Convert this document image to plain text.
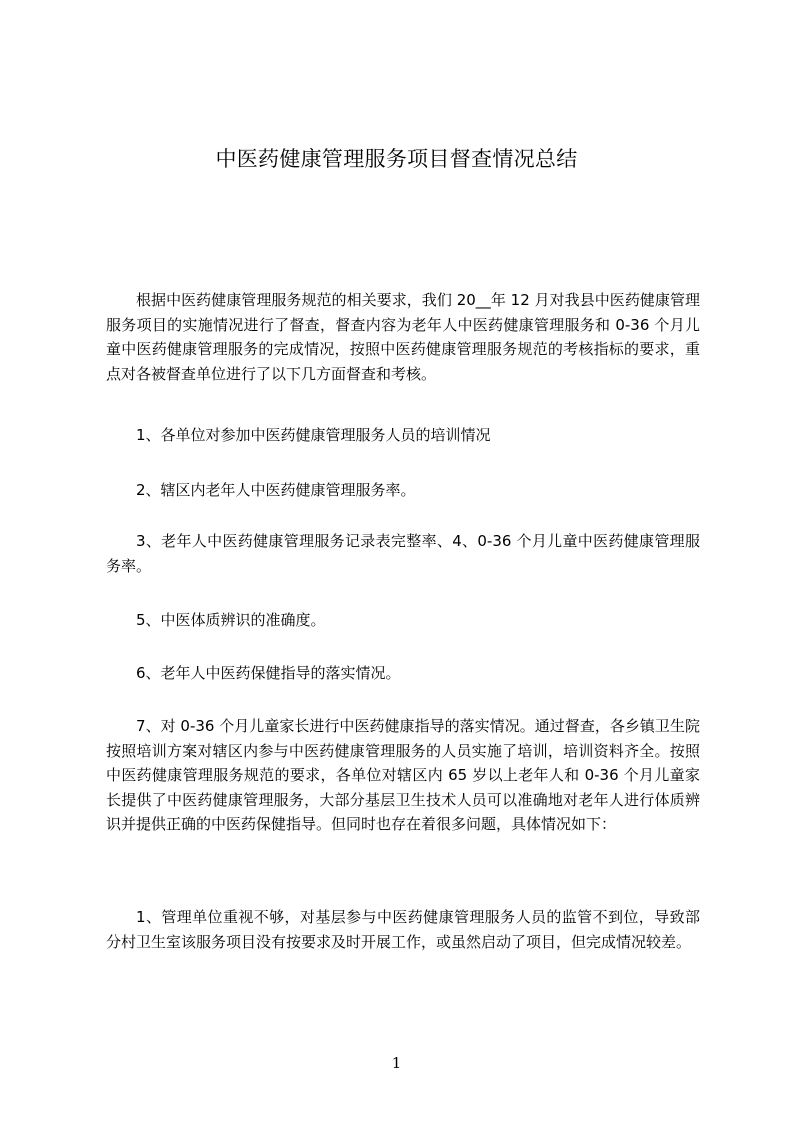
中医药健康管理服务项目督查情况总结

根据中医药健康管理服务规范的相关要求，我们 20__年 12 月对我县中医药健康管理服务项目的实施情况进行了督查，督查内容为老年人中医药健康管理服务和 0-36 个月儿童中医药健康管理服务的完成情况，按照中医药健康管理服务规范的考核指标的要求，重点对各被督查单位进行了以下几方面督查和考核。

1、各单位对参加中医药健康管理服务人员的培训情况

2、辖区内老年人中医药健康管理服务率。

3、老年人中医药健康管理服务记录表完整率、4、0-36 个月儿童中医药健康管理服务率。

5、中医体质辨识的准确度。

6、老年人中医药保健指导的落实情况。

7、对 0-36 个月儿童家长进行中医药健康指导的落实情况。通过督查，各乡镇卫生院按照培训方案对辖区内参与中医药健康管理服务的人员实施了培训，培训资料齐全。按照中医药健康管理服务规范的要求，各单位对辖区内 65 岁以上老年人和 0-36 个月儿童家长提供了中医药健康管理服务，大部分基层卫生技术人员可以准确地对老年人进行体质辨识并提供正确的中医药保健指导。但同时也存在着很多问题，具体情况如下：

1、管理单位重视不够，对基层参与中医药健康管理服务人员的监管不到位，导致部分村卫生室该服务项目没有按要求及时开展工作，或虽然启动了项目，但完成情况较差。

1
